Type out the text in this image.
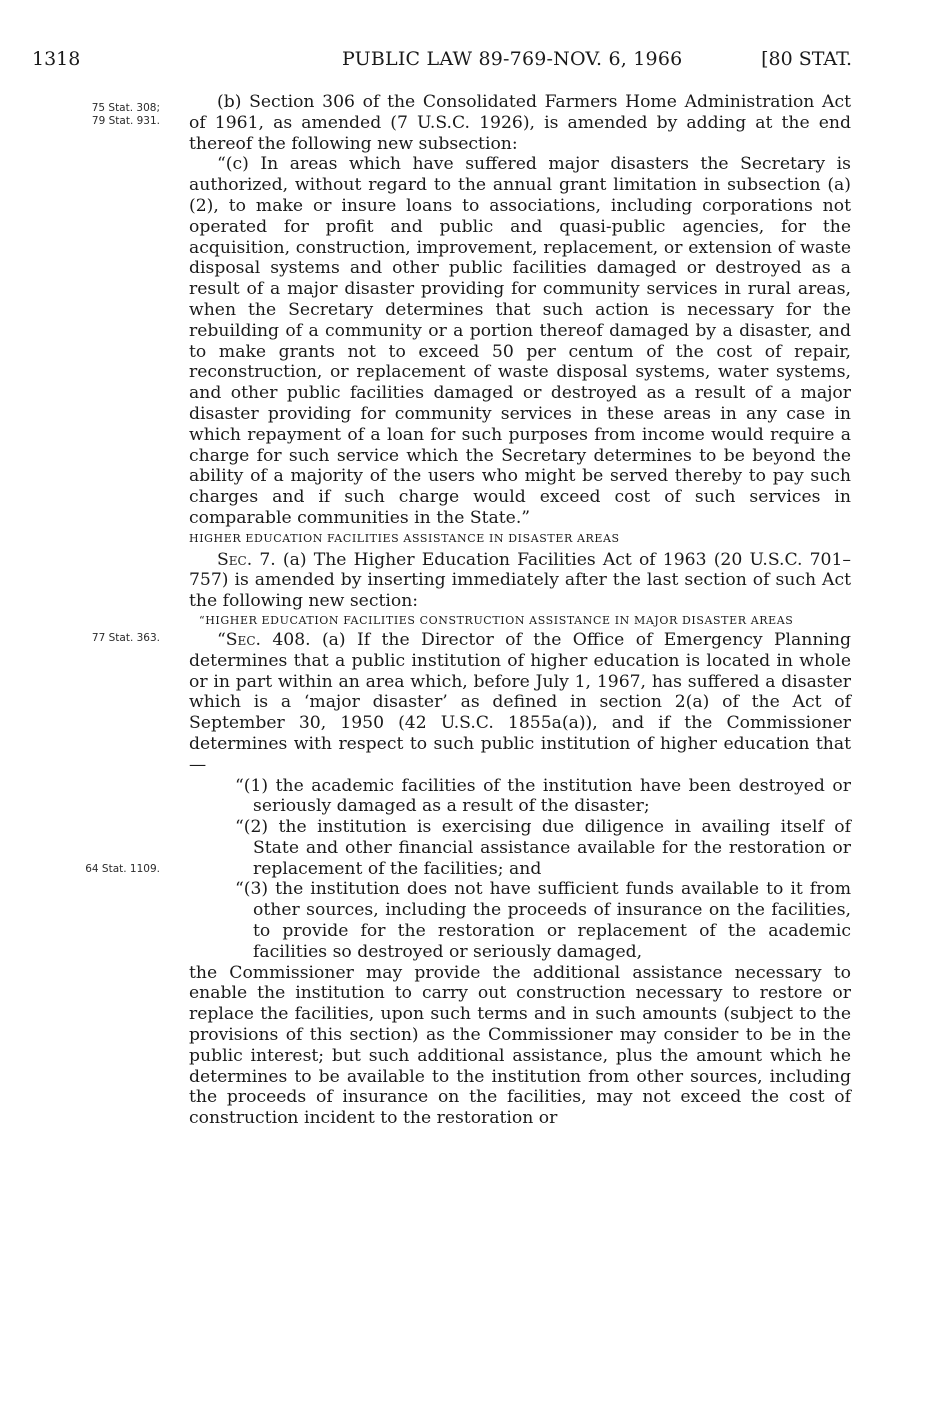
1318	PUBLIC LAW 89-769-NOV. 6, 1966	[80 STAT.
75 Stat. 308;
79 Stat. 931.

77 Stat. 363.

64 Stat. 1109.

(b) Section 306 of the Consolidated Farmers Home Administration Act of 1961, as amended (7 U.S.C. 1926), is amended by adding at the end thereof the following new subsection:

“(c) In areas which have suffered major disasters the Secretary is authorized, without regard to the annual grant limitation in subsection (a) (2), to make or insure loans to associations, including corporations not operated for profit and public and quasi-public agencies, for the acquisition, construction, improvement, replacement, or extension of waste disposal systems and other public facilities damaged or destroyed as a result of a major disaster providing for community services in rural areas, when the Secretary determines that such action is necessary for the rebuilding of a community or a portion thereof damaged by a disaster, and to make grants not to exceed 50 per centum of the cost of repair, reconstruction, or replacement of waste disposal systems, water systems, and other public facilities damaged or destroyed as a result of a major disaster providing for community services in these areas in any case in which repayment of a loan for such purposes from income would require a charge for such service which the Secretary determines to be beyond the ability of a majority of the users who might be served thereby to pay such charges and if such charge would exceed cost of such services in comparable communities in the State.”

HIGHER EDUCATION FACILITIES ASSISTANCE IN DISASTER AREAS

Sec. 7. (a) The Higher Education Facilities Act of 1963 (20 U.S.C. 701–757) is amended by inserting immediately after the last section of such Act the following new section:

“HIGHER EDUCATION FACILITIES CONSTRUCTION ASSISTANCE IN MAJOR DISASTER AREAS

“Sec. 408. (a) If the Director of the Office of Emergency Planning determines that a public institution of higher education is located in whole or in part within an area which, before July 1, 1967, has suffered a disaster which is a ‘major disaster’ as defined in section 2(a) of the Act of September 30, 1950 (42 U.S.C. 1855a(a)), and if the Commissioner determines with respect to such public institution of higher education that—

“(1) the academic facilities of the institution have been destroyed or seriously damaged as a result of the disaster;

“(2) the institution is exercising due diligence in availing itself of State and other financial assistance available for the restoration or replacement of the facilities; and

“(3) the institution does not have sufficient funds available to it from other sources, including the proceeds of insurance on the facilities, to provide for the restoration or replacement of the academic facilities so destroyed or seriously damaged,

the Commissioner may provide the additional assistance necessary to enable the institution to carry out construction necessary to restore or replace the facilities, upon such terms and in such amounts (subject to the provisions of this section) as the Commissioner may consider to be in the public interest; but such additional assistance, plus the amount which he determines to be available to the institution from other sources, including the proceeds of insurance on the facilities, may not exceed the cost of construction incident to the restoration or
